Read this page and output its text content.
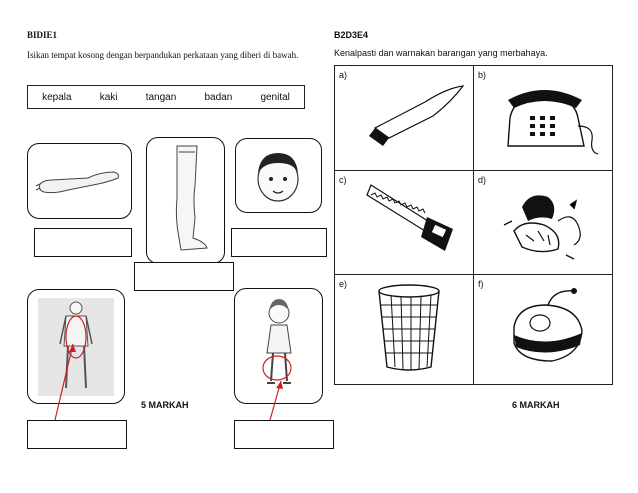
BIDIE1
Isikan tempat kosong dengan berpandukan perkataan yang diberi di bawah.
kepala	kaki	tangan	badan	genital
5 MARKAH
B2D3E4
Kenalpasti dan warnakan barangan yang merbahaya.
a)	b)
c)	d)
e)	f)
6 MARKAH
